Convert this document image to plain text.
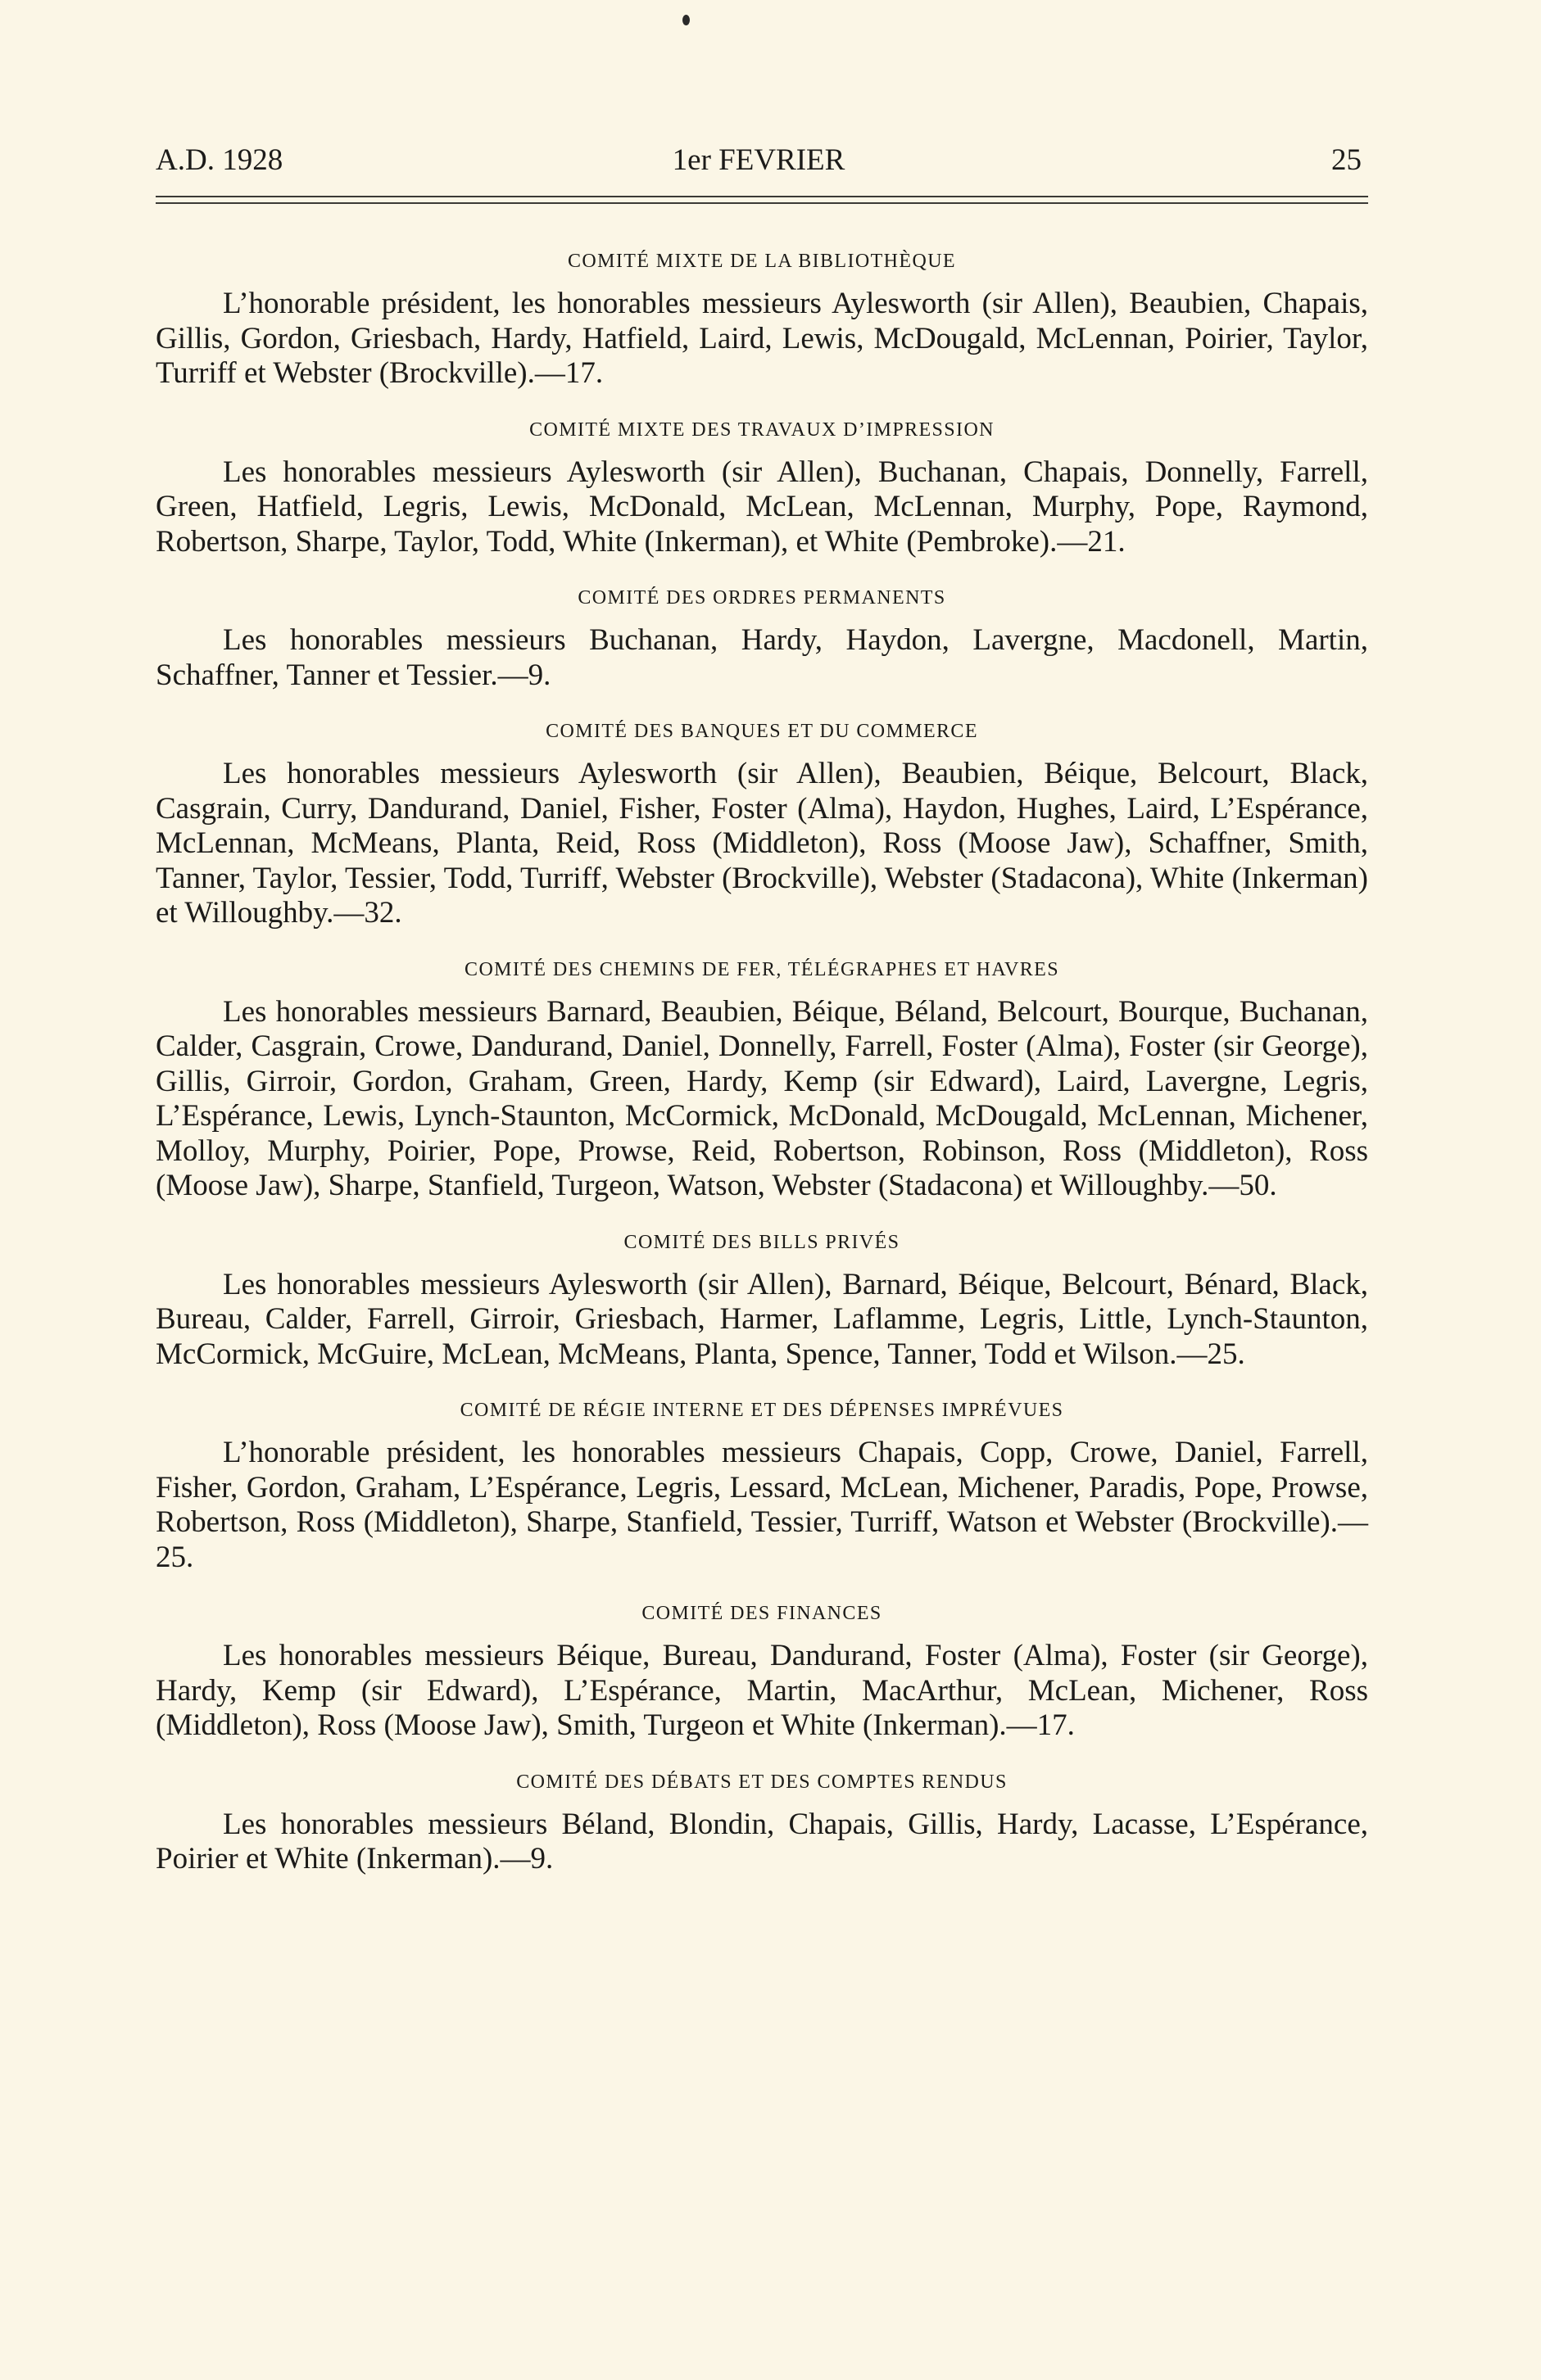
A.D. 1928	1er FEVRIER	25
COMITÉ MIXTE DE LA BIBLIOTHÈQUE

L’honorable président, les honorables messieurs Aylesworth (sir Allen), Beaubien, Chapais, Gillis, Gordon, Griesbach, Hardy, Hatfield, Laird, Lewis, McDougald, McLennan, Poirier, Taylor, Turriff et Webster (Brockville).—17.

COMITÉ MIXTE DES TRAVAUX D’IMPRESSION

Les honorables messieurs Aylesworth (sir Allen), Buchanan, Chapais, Donnelly, Farrell, Green, Hatfield, Legris, Lewis, McDonald, McLean, McLennan, Murphy, Pope, Raymond, Robertson, Sharpe, Taylor, Todd, White (Inkerman), et White (Pembroke).—21.

COMITÉ DES ORDRES PERMANENTS

Les honorables messieurs Buchanan, Hardy, Haydon, Lavergne, Macdonell, Martin, Schaffner, Tanner et Tessier.—9.

COMITÉ DES BANQUES ET DU COMMERCE

Les honorables messieurs Aylesworth (sir Allen), Beaubien, Béique, Belcourt, Black, Casgrain, Curry, Dandurand, Daniel, Fisher, Foster (Alma), Haydon, Hughes, Laird, L’Espérance, McLennan, McMeans, Planta, Reid, Ross (Middleton), Ross (Moose Jaw), Schaffner, Smith, Tanner, Taylor, Tessier, Todd, Turriff, Webster (Brockville), Webster (Stadacona), White (Inkerman) et Willoughby.—32.

COMITÉ DES CHEMINS DE FER, TÉLÉGRAPHES ET HAVRES

Les honorables messieurs Barnard, Beaubien, Béique, Béland, Belcourt, Bourque, Buchanan, Calder, Casgrain, Crowe, Dandurand, Daniel, Donnelly, Farrell, Foster (Alma), Foster (sir George), Gillis, Girroir, Gordon, Graham, Green, Hardy, Kemp (sir Edward), Laird, Lavergne, Legris, L’Espérance, Lewis, Lynch-Staunton, McCormick, McDonald, McDougald, McLennan, Michener, Molloy, Murphy, Poirier, Pope, Prowse, Reid, Robertson, Robinson, Ross (Middleton), Ross (Moose Jaw), Sharpe, Stanfield, Turgeon, Watson, Webster (Stadacona) et Willoughby.—50.

COMITÉ DES BILLS PRIVÉS

Les honorables messieurs Aylesworth (sir Allen), Barnard, Béique, Belcourt, Bénard, Black, Bureau, Calder, Farrell, Girroir, Griesbach, Harmer, Laflamme, Legris, Little, Lynch-Staunton, McCormick, McGuire, McLean, McMeans, Planta, Spence, Tanner, Todd et Wilson.—25.

COMITÉ DE RÉGIE INTERNE ET DES DÉPENSES IMPRÉVUES

L’honorable président, les honorables messieurs Chapais, Copp, Crowe, Daniel, Farrell, Fisher, Gordon, Graham, L’Espérance, Legris, Lessard, McLean, Michener, Paradis, Pope, Prowse, Robertson, Ross (Middleton), Sharpe, Stanfield, Tessier, Turriff, Watson et Webster (Brockville).—25.

COMITÉ DES FINANCES

Les honorables messieurs Béique, Bureau, Dandurand, Foster (Alma), Foster (sir George), Hardy, Kemp (sir Edward), L’Espérance, Martin, MacArthur, McLean, Michener, Ross (Middleton), Ross (Moose Jaw), Smith, Turgeon et White (Inkerman).—17.

COMITÉ DES DÉBATS ET DES COMPTES RENDUS

Les honorables messieurs Béland, Blondin, Chapais, Gillis, Hardy, Lacasse, L’Espérance, Poirier et White (Inkerman).—9.
